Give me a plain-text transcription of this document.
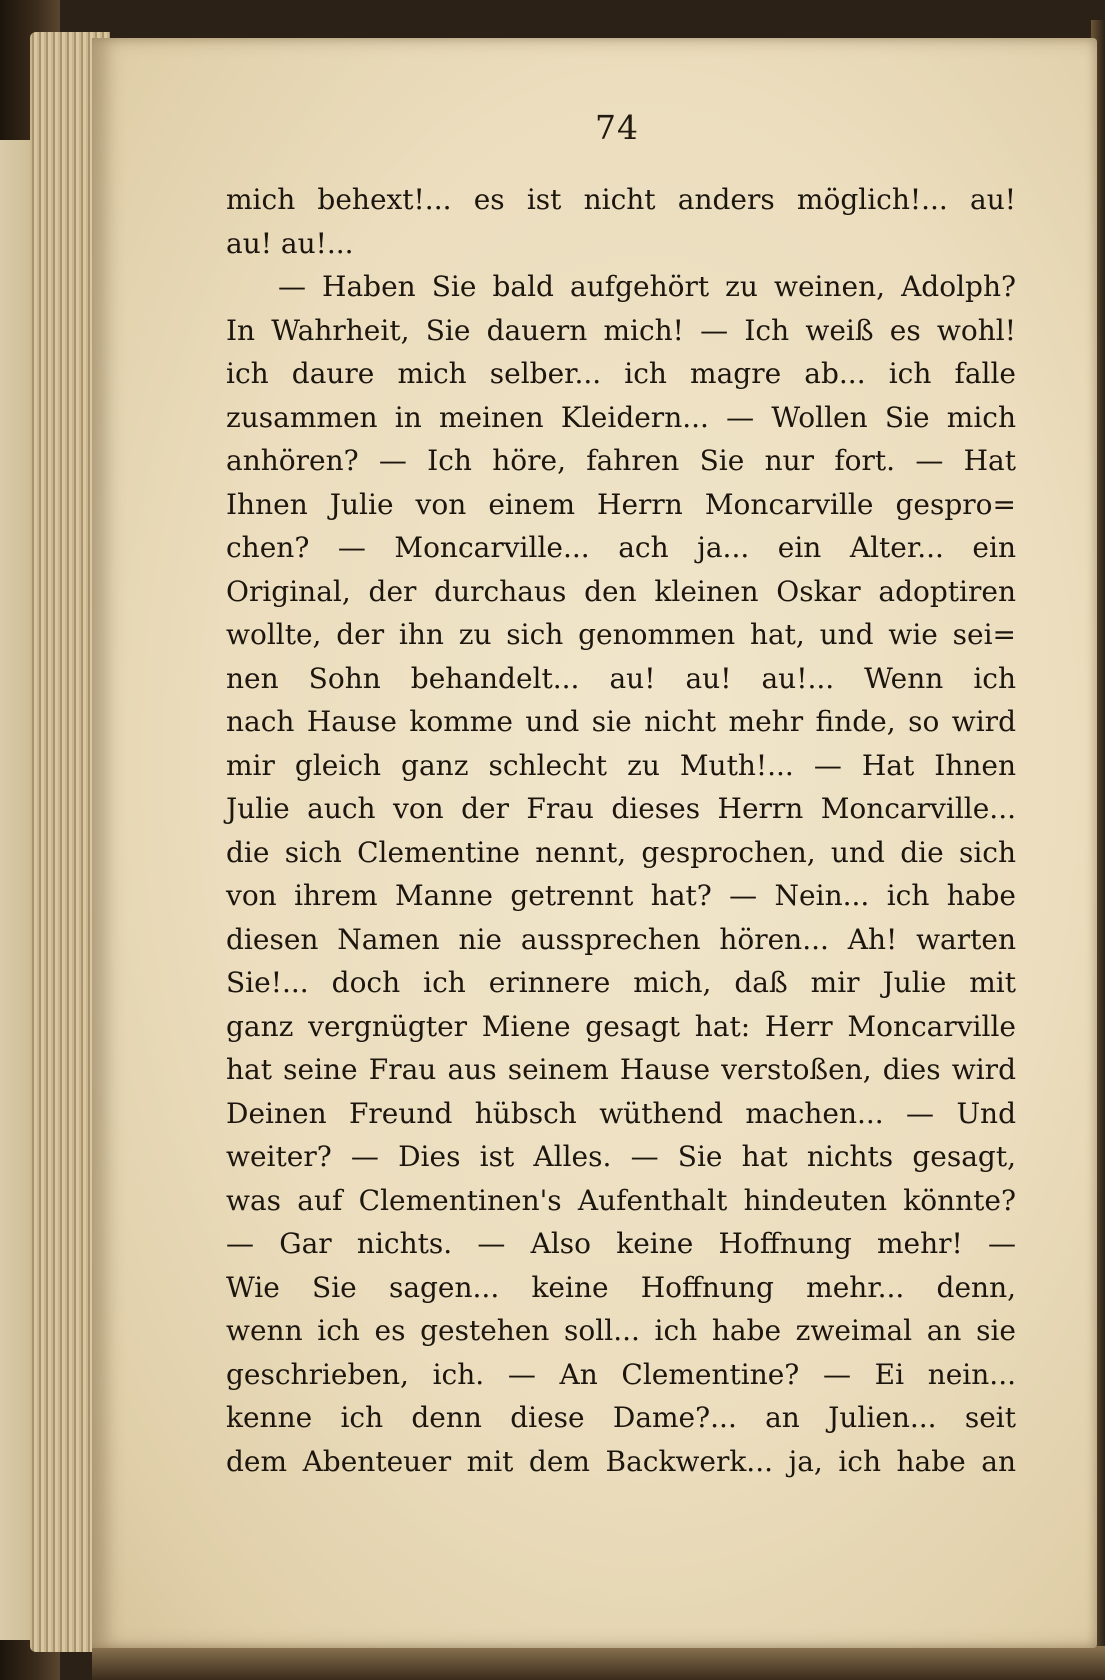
74
mich behext!... es ist nicht anders möglich!... au!
au! au!...
— Haben Sie bald aufgehört zu weinen, Adolph?
In Wahrheit, Sie dauern mich! — Ich weiß es wohl!
ich daure mich selber... ich magre ab... ich falle
zusammen in meinen Kleidern... — Wollen Sie mich
anhören? — Ich höre, fahren Sie nur fort. — Hat
Ihnen Julie von einem Herrn Moncarville gespro=
chen? — Moncarville... ach ja... ein Alter... ein
Original, der durchaus den kleinen Oskar adoptiren
wollte, der ihn zu sich genommen hat, und wie sei=
nen Sohn behandelt... au! au! au!... Wenn ich
nach Hause komme und sie nicht mehr finde, so wird
mir gleich ganz schlecht zu Muth!... — Hat Ihnen
Julie auch von der Frau dieses Herrn Moncarville...
die sich Clementine nennt, gesprochen, und die sich
von ihrem Manne getrennt hat? — Nein... ich habe
diesen Namen nie aussprechen hören... Ah! warten
Sie!... doch ich erinnere mich, daß mir Julie mit
ganz vergnügter Miene gesagt hat: Herr Moncarville
hat seine Frau aus seinem Hause verstoßen, dies wird
Deinen Freund hübsch wüthend machen... — Und
weiter? — Dies ist Alles. — Sie hat nichts gesagt,
was auf Clementinen's Aufenthalt hindeuten könnte?
— Gar nichts. — Also keine Hoffnung mehr! —
Wie Sie sagen... keine Hoffnung mehr... denn,
wenn ich es gestehen soll... ich habe zweimal an sie
geschrieben, ich. — An Clementine? — Ei nein...
kenne ich denn diese Dame?... an Julien... seit
dem Abenteuer mit dem Backwerk... ja, ich habe an
